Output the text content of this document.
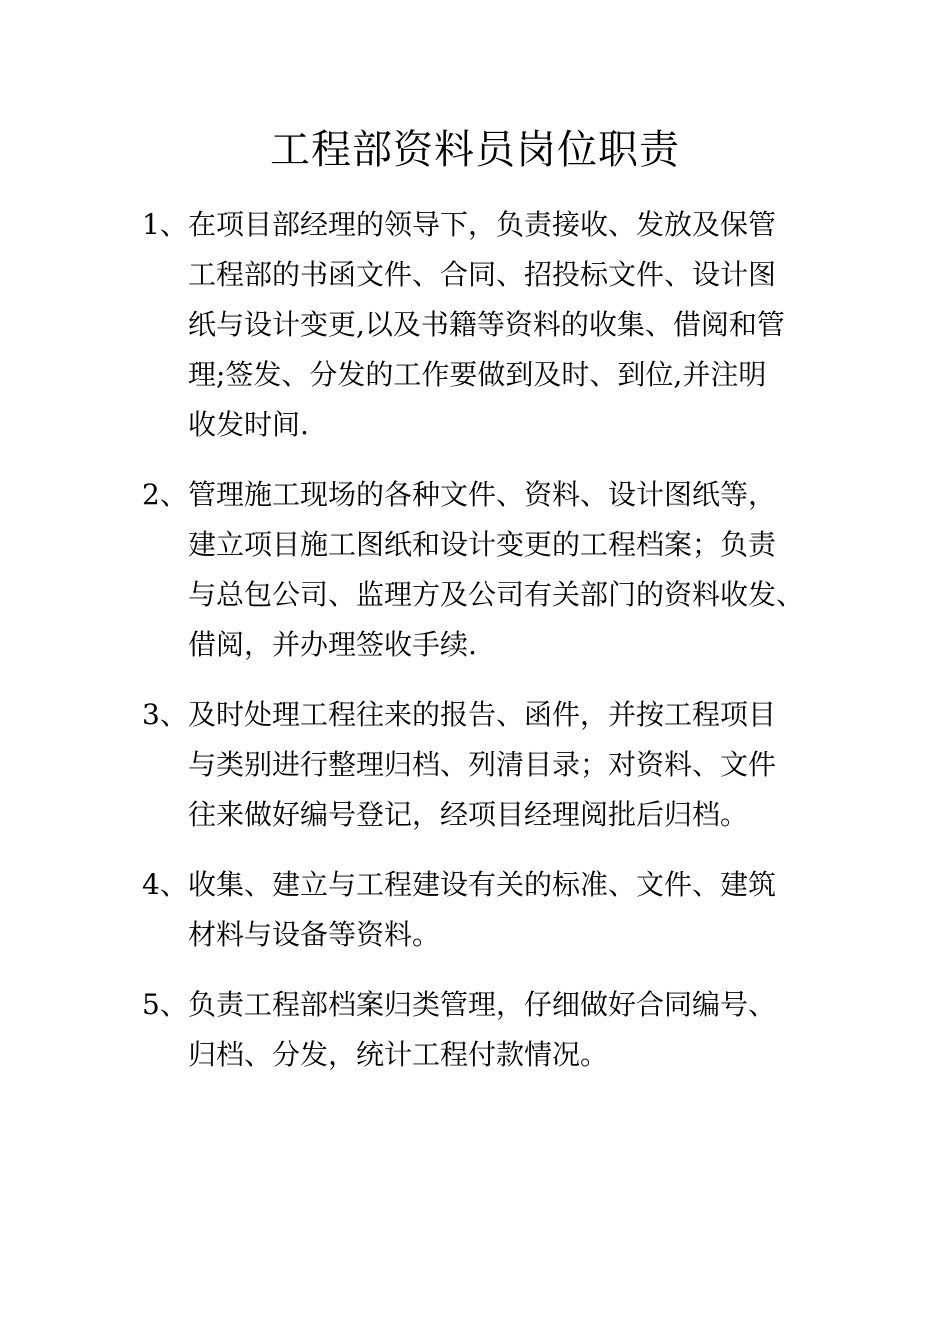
工程部资料员岗位职责
1、 在项目部经理的领导下，负责接收、发放及保管
工程部的书函文件、合同、招投标文件、设计图
纸与设计变更,以及书籍等资料的收集、借阅和管
理;签发、分发的工作要做到及时、到位,并注明
收发时间.
2、 管理施工现场的各种文件、资料、设计图纸等，
建立项目施工图纸和设计变更的工程档案；负责
与总包公司、监理方及公司有关部门的资料收发、
借阅，并办理签收手续.
3、 及时处理工程往来的报告、函件，并按工程项目
与类别进行整理归档、列清目录；对资料、文件
往来做好编号登记，经项目经理阅批后归档。
4、 收集、建立与工程建设有关的标准、文件、建筑
材料与设备等资料。
5、 负责工程部档案归类管理，仔细做好合同编号、
归档、分发，统计工程付款情况。
